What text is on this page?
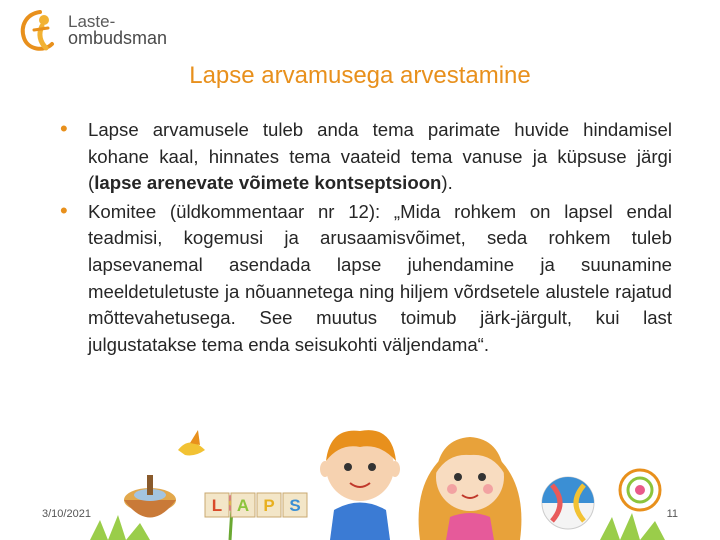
Laste-
ombudsman
Lapse arvamusega arvestamine
• Lapse arvamusele tuleb anda tema parimate huvide hindamisel kohane kaal, hinnates tema vaateid tema vanuse ja küpsuse järgi (lapse arenevate võimete kontseptsioon).

• Komitee (üldkommentaar nr 12): „Mida rohkem on lapsel endal teadmisi, kogemusi ja arusaamisvõimet, seda rohkem tuleb lapsevanemal asendada lapse juhendamine ja suunamine meeldetuletuste ja nõuannetega ning hiljem võrdsetele alustele rajatud mõttevahetusega. See muutus toimub järk-järgult, kui last julgustatakse tema enda seisukohti väljendama“.

L A P S
3/10/2021	11
